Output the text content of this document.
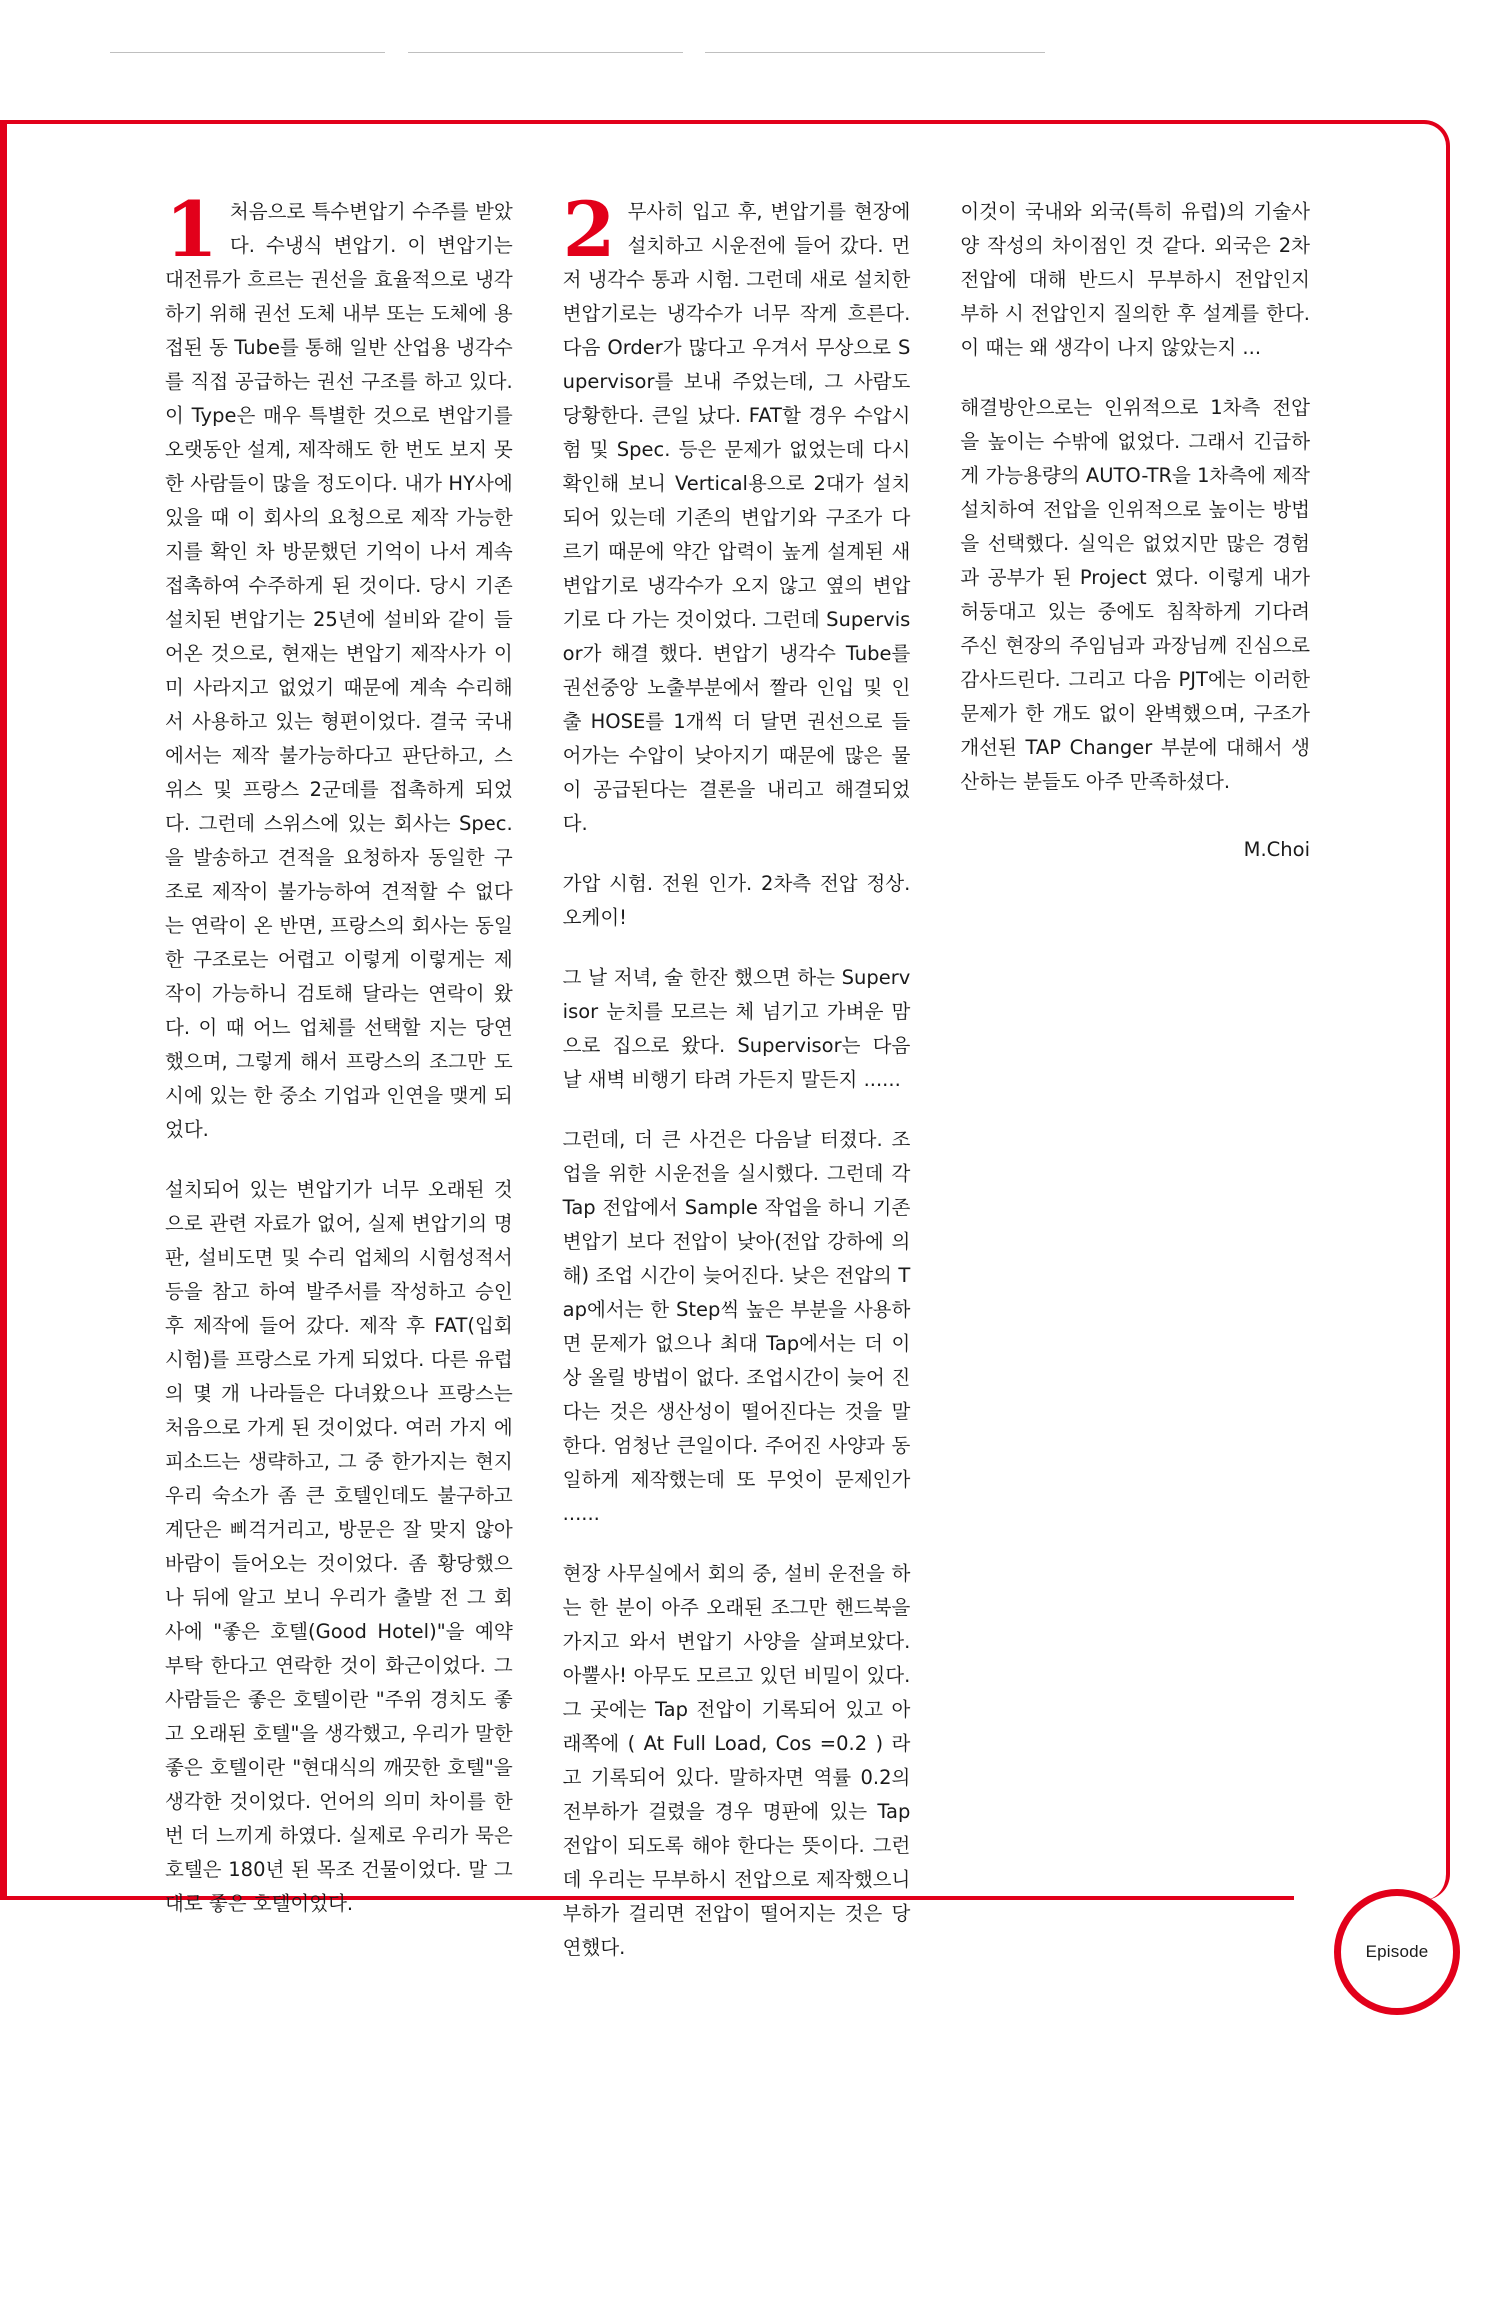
Episode

1 처음으로 특수변압기 수주를 받았다. 수냉식 변압기. 이 변압기는 대전류가 흐르는 권선을 효율적으로 냉각하기 위해 권선 도체 내부 또는 도체에 용접된 동 Tube를 통해 일반 산업용 냉각수를 직접 공급하는 권선 구조를 하고 있다. 이 Type은 매우 특별한 것으로 변압기를 오랫동안 설계, 제작해도 한 번도 보지 못한 사람들이 많을 정도이다. 내가 HY사에 있을 때 이 회사의 요청으로 제작 가능한지를 확인 차 방문했던 기억이 나서 계속 접촉하여 수주하게 된 것이다. 당시 기존 설치된 변압기는 25년에 설비와 같이 들어온 것으로, 현재는 변압기 제작사가 이미 사라지고 없었기 때문에 계속 수리해서 사용하고 있는 형편이었다. 결국 국내에서는 제작 불가능하다고 판단하고, 스위스 및 프랑스 2군데를 접촉하게 되었다. 그런데 스위스에 있는 회사는 Spec.을 발송하고 견적을 요청하자 동일한 구조로 제작이 불가능하여 견적할 수 없다는 연락이 온 반면, 프랑스의 회사는 동일한 구조로는 어렵고 이렇게 이렇게는 제작이 가능하니 검토해 달라는 연락이 왔다. 이 때 어느 업체를 선택할 지는 당연했으며, 그렇게 해서 프랑스의 조그만 도시에 있는 한 중소 기업과 인연을 맺게 되었다.

설치되어 있는 변압기가 너무 오래된 것으로 관련 자료가 없어, 실제 변압기의 명판, 설비도면 및 수리 업체의 시험성적서 등을 참고 하여 발주서를 작성하고 승인 후 제작에 들어 갔다. 제작 후 FAT(입회시험)를 프랑스로 가게 되었다. 다른 유럽의 몇 개 나라들은 다녀왔으나 프랑스는 처음으로 가게 된 것이었다. 여러 가지 에피소드는 생략하고, 그 중 한가지는 현지 우리 숙소가 좀 큰 호텔인데도 불구하고 계단은 삐걱거리고, 방문은 잘 맞지 않아 바람이 들어오는 것이었다. 좀 황당했으나 뒤에 알고 보니 우리가 출발 전 그 회사에 "좋은 호텔(Good Hotel)"을 예약 부탁 한다고 연락한 것이 화근이었다. 그 사람들은 좋은 호텔이란 "주위 경치도 좋고 오래된 호텔"을 생각했고, 우리가 말한 좋은 호텔이란 "현대식의 깨끗한 호텔"을 생각한 것이었다. 언어의 의미 차이를 한 번 더 느끼게 하였다. 실제로 우리가 묵은 호텔은 180년 된 목조 건물이었다. 말 그대로 좋은 호텔이었다.

2 무사히 입고 후, 변압기를 현장에 설치하고 시운전에 들어 갔다. 먼저 냉각수 통과 시험. 그런데 새로 설치한 변압기로는 냉각수가 너무 작게 흐른다. 다음 Order가 많다고 우겨서 무상으로 Supervisor를 보내 주었는데, 그 사람도 당황한다. 큰일 났다. FAT할 경우 수압시험 및 Spec. 등은 문제가 없었는데 다시 확인해 보니 Vertical용으로 2대가 설치되어 있는데 기존의 변압기와 구조가 다르기 때문에 약간 압력이 높게 설계된 새 변압기로 냉각수가 오지 않고 옆의 변압기로 다 가는 것이었다. 그런데 Supervisor가 해결 했다. 변압기 냉각수 Tube를 권선중앙 노출부분에서 짤라 인입 및 인출 HOSE를 1개씩 더 달면 권선으로 들어가는 수압이 낮아지기 때문에 많은 물이 공급된다는 결론을 내리고 해결되었다.

가압 시험. 전원 인가. 2차측 전압 정상. 오케이!

그 날 저녁, 술 한잔 했으면 하는 Supervisor 눈치를 모르는 체 넘기고 가벼운 맘으로 집으로 왔다. Supervisor는 다음 날 새벽 비행기 타려 가든지 말든지 ......

그런데, 더 큰 사건은 다음날 터졌다. 조업을 위한 시운전을 실시했다. 그런데 각 Tap 전압에서 Sample 작업을 하니 기존 변압기 보다 전압이 낮아(전압 강하에 의해) 조업 시간이 늦어진다. 낮은 전압의 Tap에서는 한 Step씩 높은 부분을 사용하면 문제가 없으나 최대 Tap에서는 더 이상 올릴 방법이 없다. 조업시간이 늦어 진다는 것은 생산성이 떨어진다는 것을 말한다. 엄청난 큰일이다. 주어진 사양과 동일하게 제작했는데 또 무엇이 문제인가 ......

현장 사무실에서 회의 중, 설비 운전을 하는 한 분이 아주 오래된 조그만 핸드북을 가지고 와서 변압기 사양을 살펴보았다. 아뿔사! 아무도 모르고 있던 비밀이 있다. 그 곳에는 Tap 전압이 기록되어 있고 아래쪽에 ( At Full Load, Cos =0.2 ) 라고 기록되어 있다. 말하자면 역률 0.2의 전부하가 걸렸을 경우 명판에 있는 Tap 전압이 되도록 해야 한다는 뜻이다. 그런데 우리는 무부하시 전압으로 제작했으니 부하가 걸리면 전압이 떨어지는 것은 당연했다.

이것이 국내와 외국(특히 유럽)의 기술사양 작성의 차이점인 것 같다. 외국은 2차 전압에 대해 반드시 무부하시 전압인지 부하 시 전압인지 질의한 후 설계를 한다. 이 때는 왜 생각이 나지 않았는지 ...

해결방안으로는 인위적으로 1차측 전압을 높이는 수밖에 없었다. 그래서 긴급하게 가능용량의 AUTO-TR을 1차측에 제작 설치하여 전압을 인위적으로 높이는 방법을 선택했다. 실익은 없었지만 많은 경험과 공부가 된 Project 였다. 이렇게 내가 허둥대고 있는 중에도 침착하게 기다려 주신 현장의 주임님과 과장님께 진심으로 감사드린다. 그리고 다음 PJT에는 이러한 문제가 한 개도 없이 완벽했으며, 구조가 개선된 TAP Changer 부분에 대해서 생산하는 분들도 아주 만족하셨다.

M.Choi
